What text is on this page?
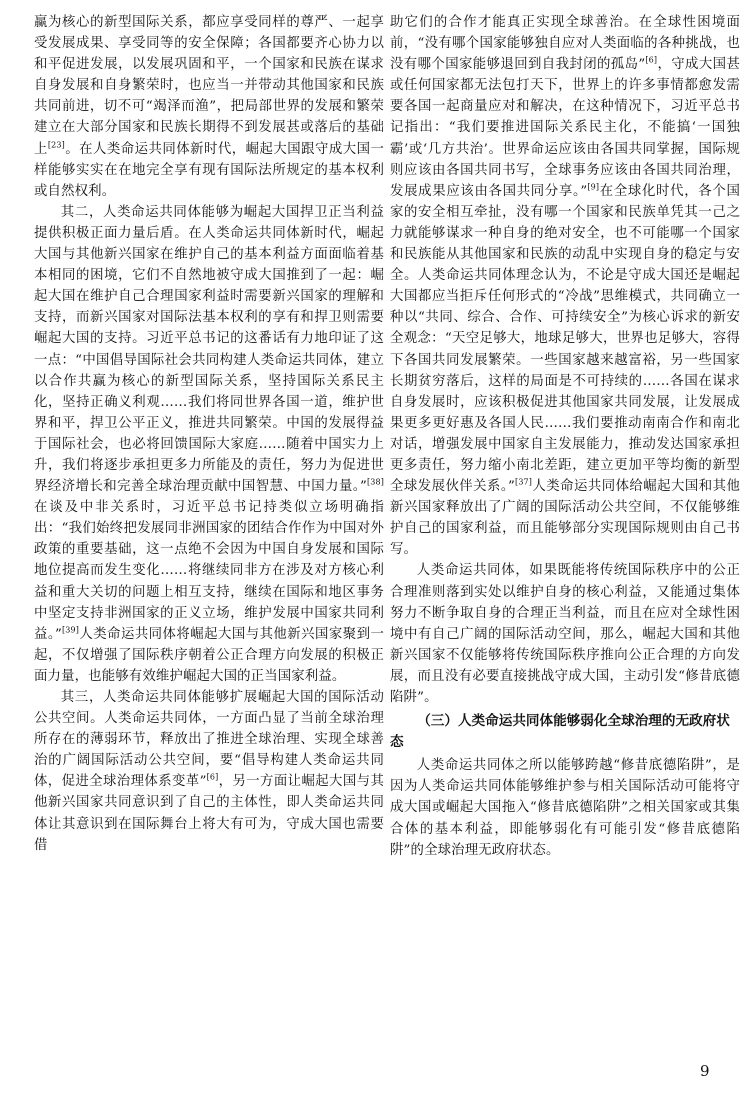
赢为核心的新型国际关系，都应享受同样的尊严、一起享受发展成果、享受同等的安全保障；各国都要齐心协力以和平促进发展，以发展巩固和平，一个国家和民族在谋求自身发展和自身繁荣时，也应当一并带动其他国家和民族共同前进，切不可“竭泽而渔”，把局部世界的发展和繁荣建立在大部分国家和民族长期得不到发展甚或落后的基础上[23]。在人类命运共同体新时代，崛起大国跟守成大国一样能够实实在在地完全享有现有国际法所规定的基本权利或自然权利。

其二，人类命运共同体能够为崛起大国捍卫正当利益提供积极正面力量后盾。在人类命运共同体新时代，崛起大国与其他新兴国家在维护自己的基本利益方面面临着基本相同的困境，它们不自然地被守成大国推到了一起：崛起大国在维护自己合理国家利益时需要新兴国家的理解和支持，而新兴国家对国际法基本权利的享有和捍卫则需要崛起大国的支持。习近平总书记的这番话有力地印证了这一点：“中国倡导国际社会共同构建人类命运共同体，建立以合作共赢为核心的新型国际关系，坚持国际关系民主化，坚持正确义利观……我们将同世界各国一道，维护世界和平，捍卫公平正义，推进共同繁荣。中国的发展得益于国际社会，也必将回馈国际大家庭……随着中国实力上升，我们将逐步承担更多力所能及的责任，努力为促进世界经济增长和完善全球治理贡献中国智慧、中国力量。”[38]在谈及中非关系时，习近平总书记持类似立场明确指出：“我们始终把发展同非洲国家的团结合作作为中国对外政策的重要基础，这一点绝不会因为中国自身发展和国际地位提高而发生变化……将继续同非方在涉及对方核心利益和重大关切的问题上相互支持，继续在国际和地区事务中坚定支持非洲国家的正义立场，维护发展中国家共同利益。”[39]人类命运共同体将崛起大国与其他新兴国家聚到一起，不仅增强了国际秩序朝着公正合理方向发展的积极正面力量，也能够有效维护崛起大国的正当国家利益。

其三，人类命运共同体能够扩展崛起大国的国际活动公共空间。人类命运共同体，一方面凸显了当前全球治理所存在的薄弱环节，释放出了推进全球治理、实现全球善治的广阔国际活动公共空间，要“倡导构建人类命运共同体，促进全球治理体系变革”[6]，另一方面让崛起大国与其他新兴国家共同意识到了自己的主体性，即人类命运共同体让其意识到在国际舞台上将大有可为，守成大国也需要借

助它们的合作才能真正实现全球善治。在全球性困境面前，“没有哪个国家能够独自应对人类面临的各种挑战，也没有哪个国家能够退回到自我封闭的孤岛”[6]，守成大国甚或任何国家都无法包打天下，世界上的许多事情都愈发需要各国一起商量应对和解决，在这种情况下，习近平总书记指出：“我们要推进国际关系民主化，不能搞‘一国独霸’或‘几方共治’。世界命运应该由各国共同掌握，国际规则应该由各国共同书写，全球事务应该由各国共同治理，发展成果应该由各国共同分享。”[9]在全球化时代，各个国家的安全相互牵扯，没有哪一个国家和民族单凭其一己之力就能够谋求一种自身的绝对安全，也不可能哪一个国家和民族能从其他国家和民族的动乱中实现自身的稳定与安全。人类命运共同体理念认为，不论是守成大国还是崛起大国都应当拒斥任何形式的“冷战”思维模式，共同确立一种以“共同、综合、合作、可持续安全”为核心诉求的新安全观念：“天空足够大，地球足够大，世界也足够大，容得下各国共同发展繁荣。一些国家越来越富裕，另一些国家长期贫穷落后，这样的局面是不可持续的……各国在谋求自身发展时，应该积极促进其他国家共同发展，让发展成果更多更好惠及各国人民……我们要推动南南合作和南北对话，增强发展中国家自主发展能力，推动发达国家承担更多责任，努力缩小南北差距，建立更加平等均衡的新型全球发展伙伴关系。”[37]人类命运共同体给崛起大国和其他新兴国家释放出了广阔的国际活动公共空间，不仅能够维护自己的国家利益，而且能够部分实现国际规则由自己书写。

人类命运共同体，如果既能将传统国际秩序中的公正合理准则落到实处以维护自身的核心利益，又能通过集体努力不断争取自身的合理正当利益，而且在应对全球性困境中有自己广阔的国际活动空间，那么，崛起大国和其他新兴国家不仅能够将传统国际秩序推向公正合理的方向发展，而且没有必要直接挑战守成大国，主动引发“修昔底德陷阱”。

（三）人类命运共同体能够弱化全球治理的无政府状态

人类命运共同体之所以能够跨越“修昔底德陷阱”，是因为人类命运共同体能够维护参与相关国际活动可能将守成大国或崛起大国拖入“修昔底德陷阱”之相关国家或其集合体的基本利益，即能够弱化有可能引发“修昔底德陷阱”的全球治理无政府状态。

9
